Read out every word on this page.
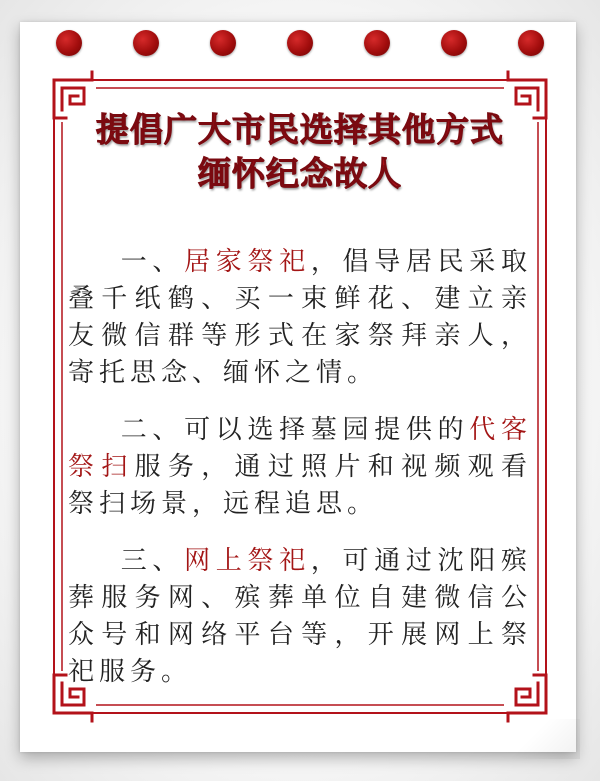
提倡广大市民选择其他方式
缅怀纪念故人

一、居家祭祀，倡导居民采取叠千纸鹤、买一束鲜花、建立亲友微信群等形式在家祭拜亲人，寄托思念、缅怀之情。

二、可以选择墓园提供的代客祭扫服务，通过照片和视频观看祭扫场景，远程追思。

三、网上祭祀，可通过沈阳殡葬服务网、殡葬单位自建微信公众号和网络平台等，开展网上祭祀服务。
